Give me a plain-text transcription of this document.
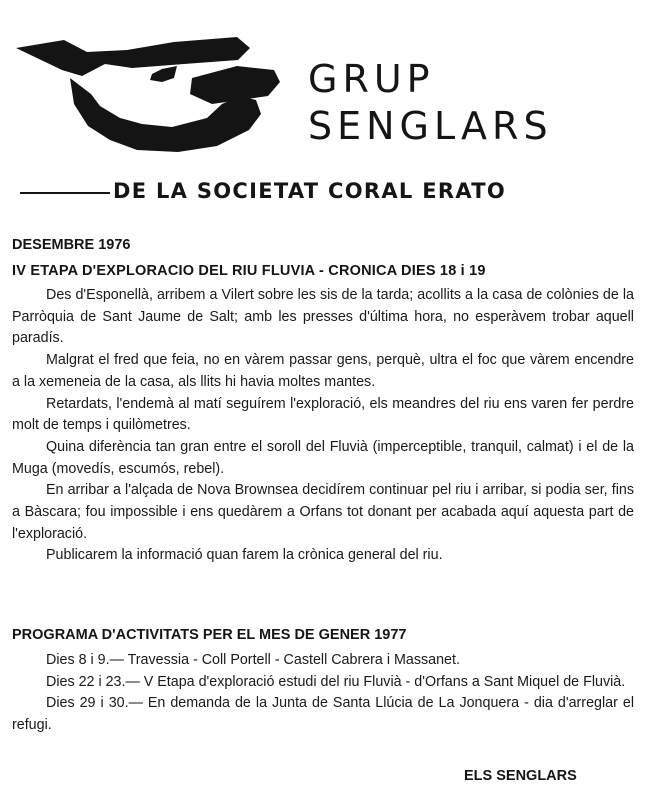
GRUP
SENGLARS
DE LA SOCIETAT CORAL ERATO
DESEMBRE 1976
IV ETAPA D'EXPLORACIO DEL RIU FLUVIA - CRONICA DIES 18 i 19

Des d'Esponellà, arribem a Vilert sobre les sis de la tarda; acollits a la casa de colònies de la Parròquia de Sant Jaume de Salt; amb les presses d'última hora, no esperàvem trobar aquell paradís.

Malgrat el fred que feia, no en vàrem passar gens, perquè, ultra el foc que vàrem encendre a la xemeneia de la casa, als llits hi havia moltes mantes.

Retardats, l'endemà al matí seguírem l'exploració, els meandres del riu ens varen fer perdre molt de temps i quilòmetres.

Quina diferència tan gran entre el soroll del Fluvià (imperceptible, tranquil, calmat) i el de la Muga (movedís, escumós, rebel).

En arribar a l'alçada de Nova Brownsea decidírem continuar pel riu i arribar, si podia ser, fins a Bàscara; fou impossible i ens quedàrem a Orfans tot donant per acabada aquí aquesta part de l'exploració.

Publicarem la informació quan farem la crònica general del riu.

PROGRAMA D'ACTIVITATS PER EL MES DE GENER 1977

Dies 8 i 9.— Travessia - Coll Portell - Castell Cabrera i Massanet.

Dies 22 i 23.— V Etapa d'exploració estudi del riu Fluvià - d'Orfans a Sant Miquel de Fluvià.

Dies 29 i 30.— En demanda de la Junta de Santa Llúcia de La Jonquera - dia d'arreglar el refugi.

ELS SENGLARS
